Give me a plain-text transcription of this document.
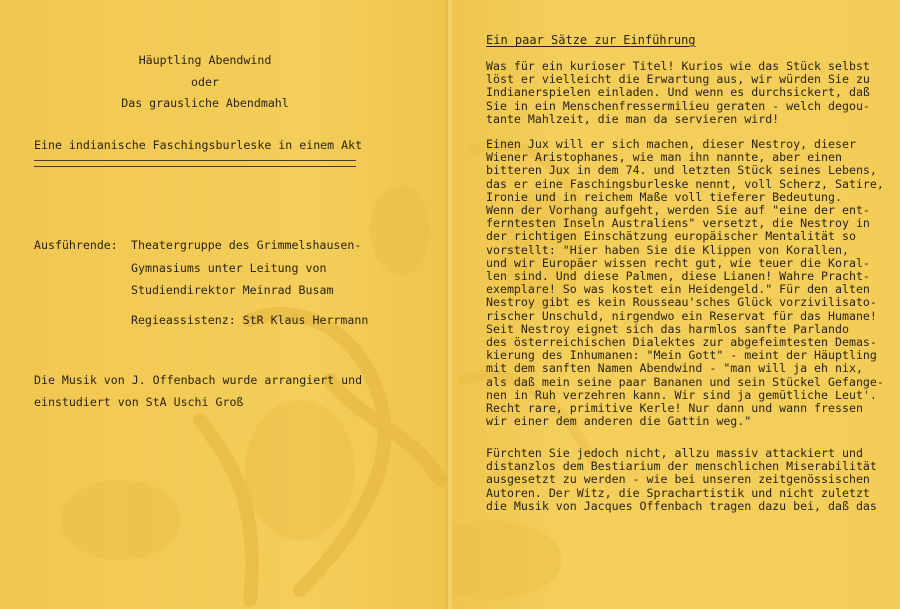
Häuptling Abendwind
oder
Das grausliche Abendmahl
Eine indianische Faschingsburleske in einem Akt
Ausführende: Theatergruppe des Grimmelshausen-
Gymnasiums unter Leitung von
Studiendirektor Meinrad Busam
Regieassistenz: StR Klaus Herrmann
Die Musik von J. Offenbach wurde arrangiert und
einstudiert von StA Uschi Groß
Ein paar Sätze zur Einführung
Was für ein kurioser Titel! Kurios wie das Stück selbst
löst er vielleicht die Erwartung aus, wir würden Sie zu
Indianerspielen einladen. Und wenn es durchsickert, daß
Sie in ein Menschenfressermilieu geraten - welch degou-
tante Mahlzeit, die man da servieren wird!
Einen Jux will er sich machen, dieser Nestroy, dieser
Wiener Aristophanes, wie man ihn nannte, aber einen
bitteren Jux in dem 74. und letzten Stück seines Lebens,
das er eine Faschingsburleske nennt, voll Scherz, Satire,
Ironie und in reichem Maße voll tieferer Bedeutung.
Wenn der Vorhang aufgeht, werden Sie auf "eine der ent-
ferntesten Inseln Australiens" versetzt, die Nestroy in
der richtigen Einschätzung europäischer Mentalität so
vorstellt: "Hier haben Sie die Klippen von Korallen,
und wir Europäer wissen recht gut, wie teuer die Koral-
len sind. Und diese Palmen, diese Lianen! Wahre Pracht-
exemplare! So was kostet ein Heidengeld." Für den alten
Nestroy gibt es kein Rousseau'sches Glück vorzivilisato-
rischer Unschuld, nirgendwo ein Reservat für das Humane!
Seit Nestroy eignet sich das harmlos sanfte Parlando
des österreichischen Dialektes zur abgefeimtesten Demas-
kierung des Inhumanen: "Mein Gott" - meint der Häuptling
mit dem sanften Namen Abendwind - "man will ja eh nix,
als daß mein seine paar Bananen und sein Stückel Gefange-
nen in Ruh verzehren kann. Wir sind ja gemütliche Leut'.
Recht rare, primitive Kerle! Nur dann und wann fressen
wir einer dem anderen die Gattin weg."
Fürchten Sie jedoch nicht, allzu massiv attackiert und
distanzlos dem Bestiarium der menschlichen Miserabilität
ausgesetzt zu werden - wie bei unseren zeitgenössischen
Autoren. Der Witz, die Sprachartistik und nicht zuletzt
die Musik von Jacques Offenbach tragen dazu bei, daß das
